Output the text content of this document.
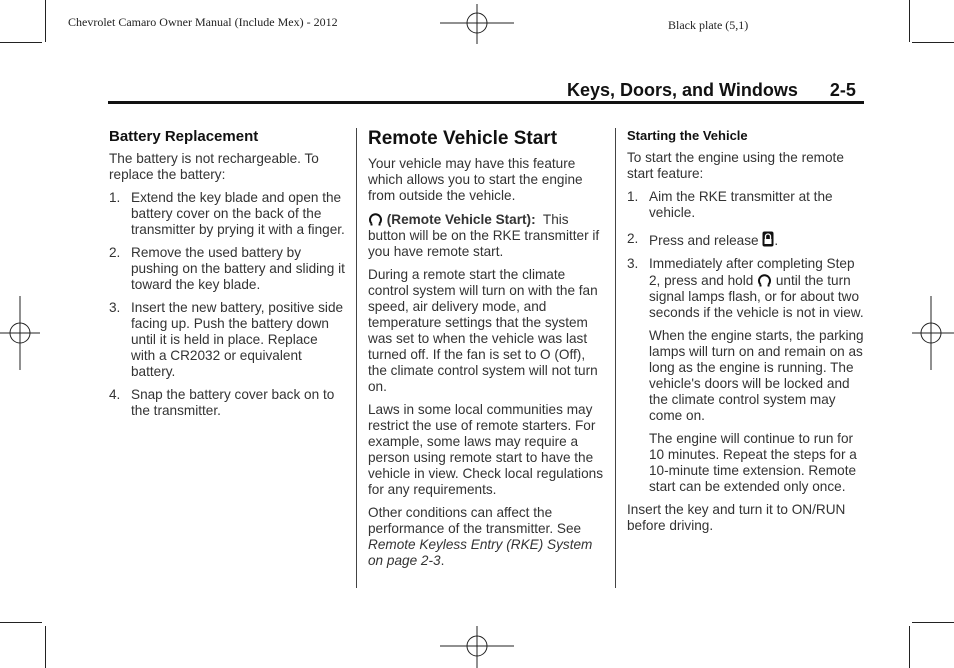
Chevrolet Camaro Owner Manual (Include Mex) - 2012	Black plate (5,1)
Keys, Doors, and Windows 2-5
Battery Replacement

The battery is not rechargeable. To replace the battery:

1. Extend the key blade and open the battery cover on the back of the transmitter by prying it with a finger.
2. Remove the used battery by pushing on the battery and sliding it toward the key blade.
3. Insert the new battery, positive side facing up. Push the battery down until it is held in place. Replace with a CR2032 or equivalent battery.
4. Snap the battery cover back on to the transmitter.
Remote Vehicle Start

Your vehicle may have this feature which allows you to start the engine from outside the vehicle.

(Remote Vehicle Start): This button will be on the RKE transmitter if you have remote start.

During a remote start the climate control system will turn on with the fan speed, air delivery mode, and temperature settings that the system was set to when the vehicle was last turned off. If the fan is set to O (Off), the climate control system will not turn on.

Laws in some local communities may restrict the use of remote starters. For example, some laws may require a person using remote start to have the vehicle in view. Check local regulations for any requirements.

Other conditions can affect the performance of the transmitter. See Remote Keyless Entry (RKE) System on page 2-3.

Starting the Vehicle

To start the engine using the remote start feature:

1. Aim the RKE transmitter at the vehicle.
2. Press and release .
3. Immediately after completing Step 2, press and hold until the turn signal lamps flash, or for about two seconds if the vehicle is not in view.

When the engine starts, the parking lamps will turn on and remain on as long as the engine is running. The vehicle's doors will be locked and the climate control system may come on.

The engine will continue to run for 10 minutes. Repeat the steps for a 10-minute time extension. Remote start can be extended only once.

Insert the key and turn it to ON/RUN before driving.
